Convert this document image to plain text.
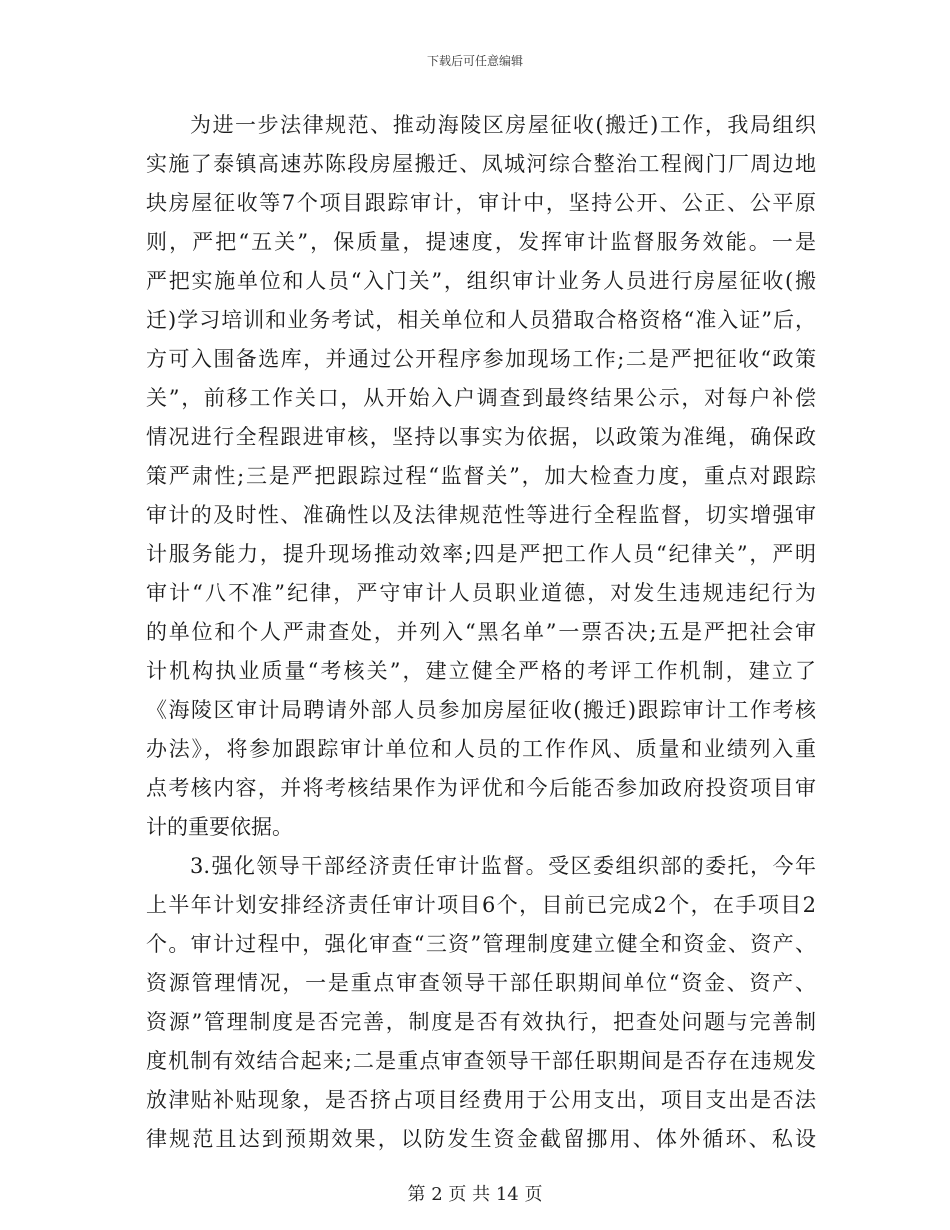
下载后可任意编辑
为进一步法律规范、推动海陵区房屋征收(搬迁)工作，我局组织
实施了泰镇高速苏陈段房屋搬迁、凤城河综合整治工程阀门厂周边地
块房屋征收等7个项目跟踪审计，审计中，坚持公开、公正、公平原
则，严把“五关”，保质量，提速度，发挥审计监督服务效能。一是
严把实施单位和人员“入门关”，组织审计业务人员进行房屋征收(搬
迁)学习培训和业务考试，相关单位和人员猎取合格资格“准入证”后，
方可入围备选库，并通过公开程序参加现场工作;二是严把征收“政策
关”，前移工作关口，从开始入户调查到最终结果公示，对每户补偿
情况进行全程跟进审核，坚持以事实为依据，以政策为准绳，确保政
策严肃性;三是严把跟踪过程“监督关”，加大检查力度，重点对跟踪
审计的及时性、准确性以及法律规范性等进行全程监督，切实增强审
计服务能力，提升现场推动效率;四是严把工作人员“纪律关”，严明
审计“八不准”纪律，严守审计人员职业道德，对发生违规违纪行为
的单位和个人严肃查处，并列入“黑名单”一票否决;五是严把社会审
计机构执业质量“考核关”，建立健全严格的考评工作机制，建立了
《海陵区审计局聘请外部人员参加房屋征收(搬迁)跟踪审计工作考核
办法》，将参加跟踪审计单位和人员的工作作风、质量和业绩列入重
点考核内容，并将考核结果作为评优和今后能否参加政府投资项目审
计的重要依据。
3.强化领导干部经济责任审计监督。受区委组织部的委托，今年
上半年计划安排经济责任审计项目6个，目前已完成2个，在手项目2
个。审计过程中，强化审查“三资”管理制度建立健全和资金、资产、
资源管理情况，一是重点审查领导干部任职期间单位“资金、资产、
资源”管理制度是否完善，制度是否有效执行，把查处问题与完善制
度机制有效结合起来;二是重点审查领导干部任职期间是否存在违规发
放津贴补贴现象，是否挤占项目经费用于公用支出，项目支出是否法
律规范且达到预期效果，以防发生资金截留挪用、体外循环、私设
第 2 页 共 14 页
